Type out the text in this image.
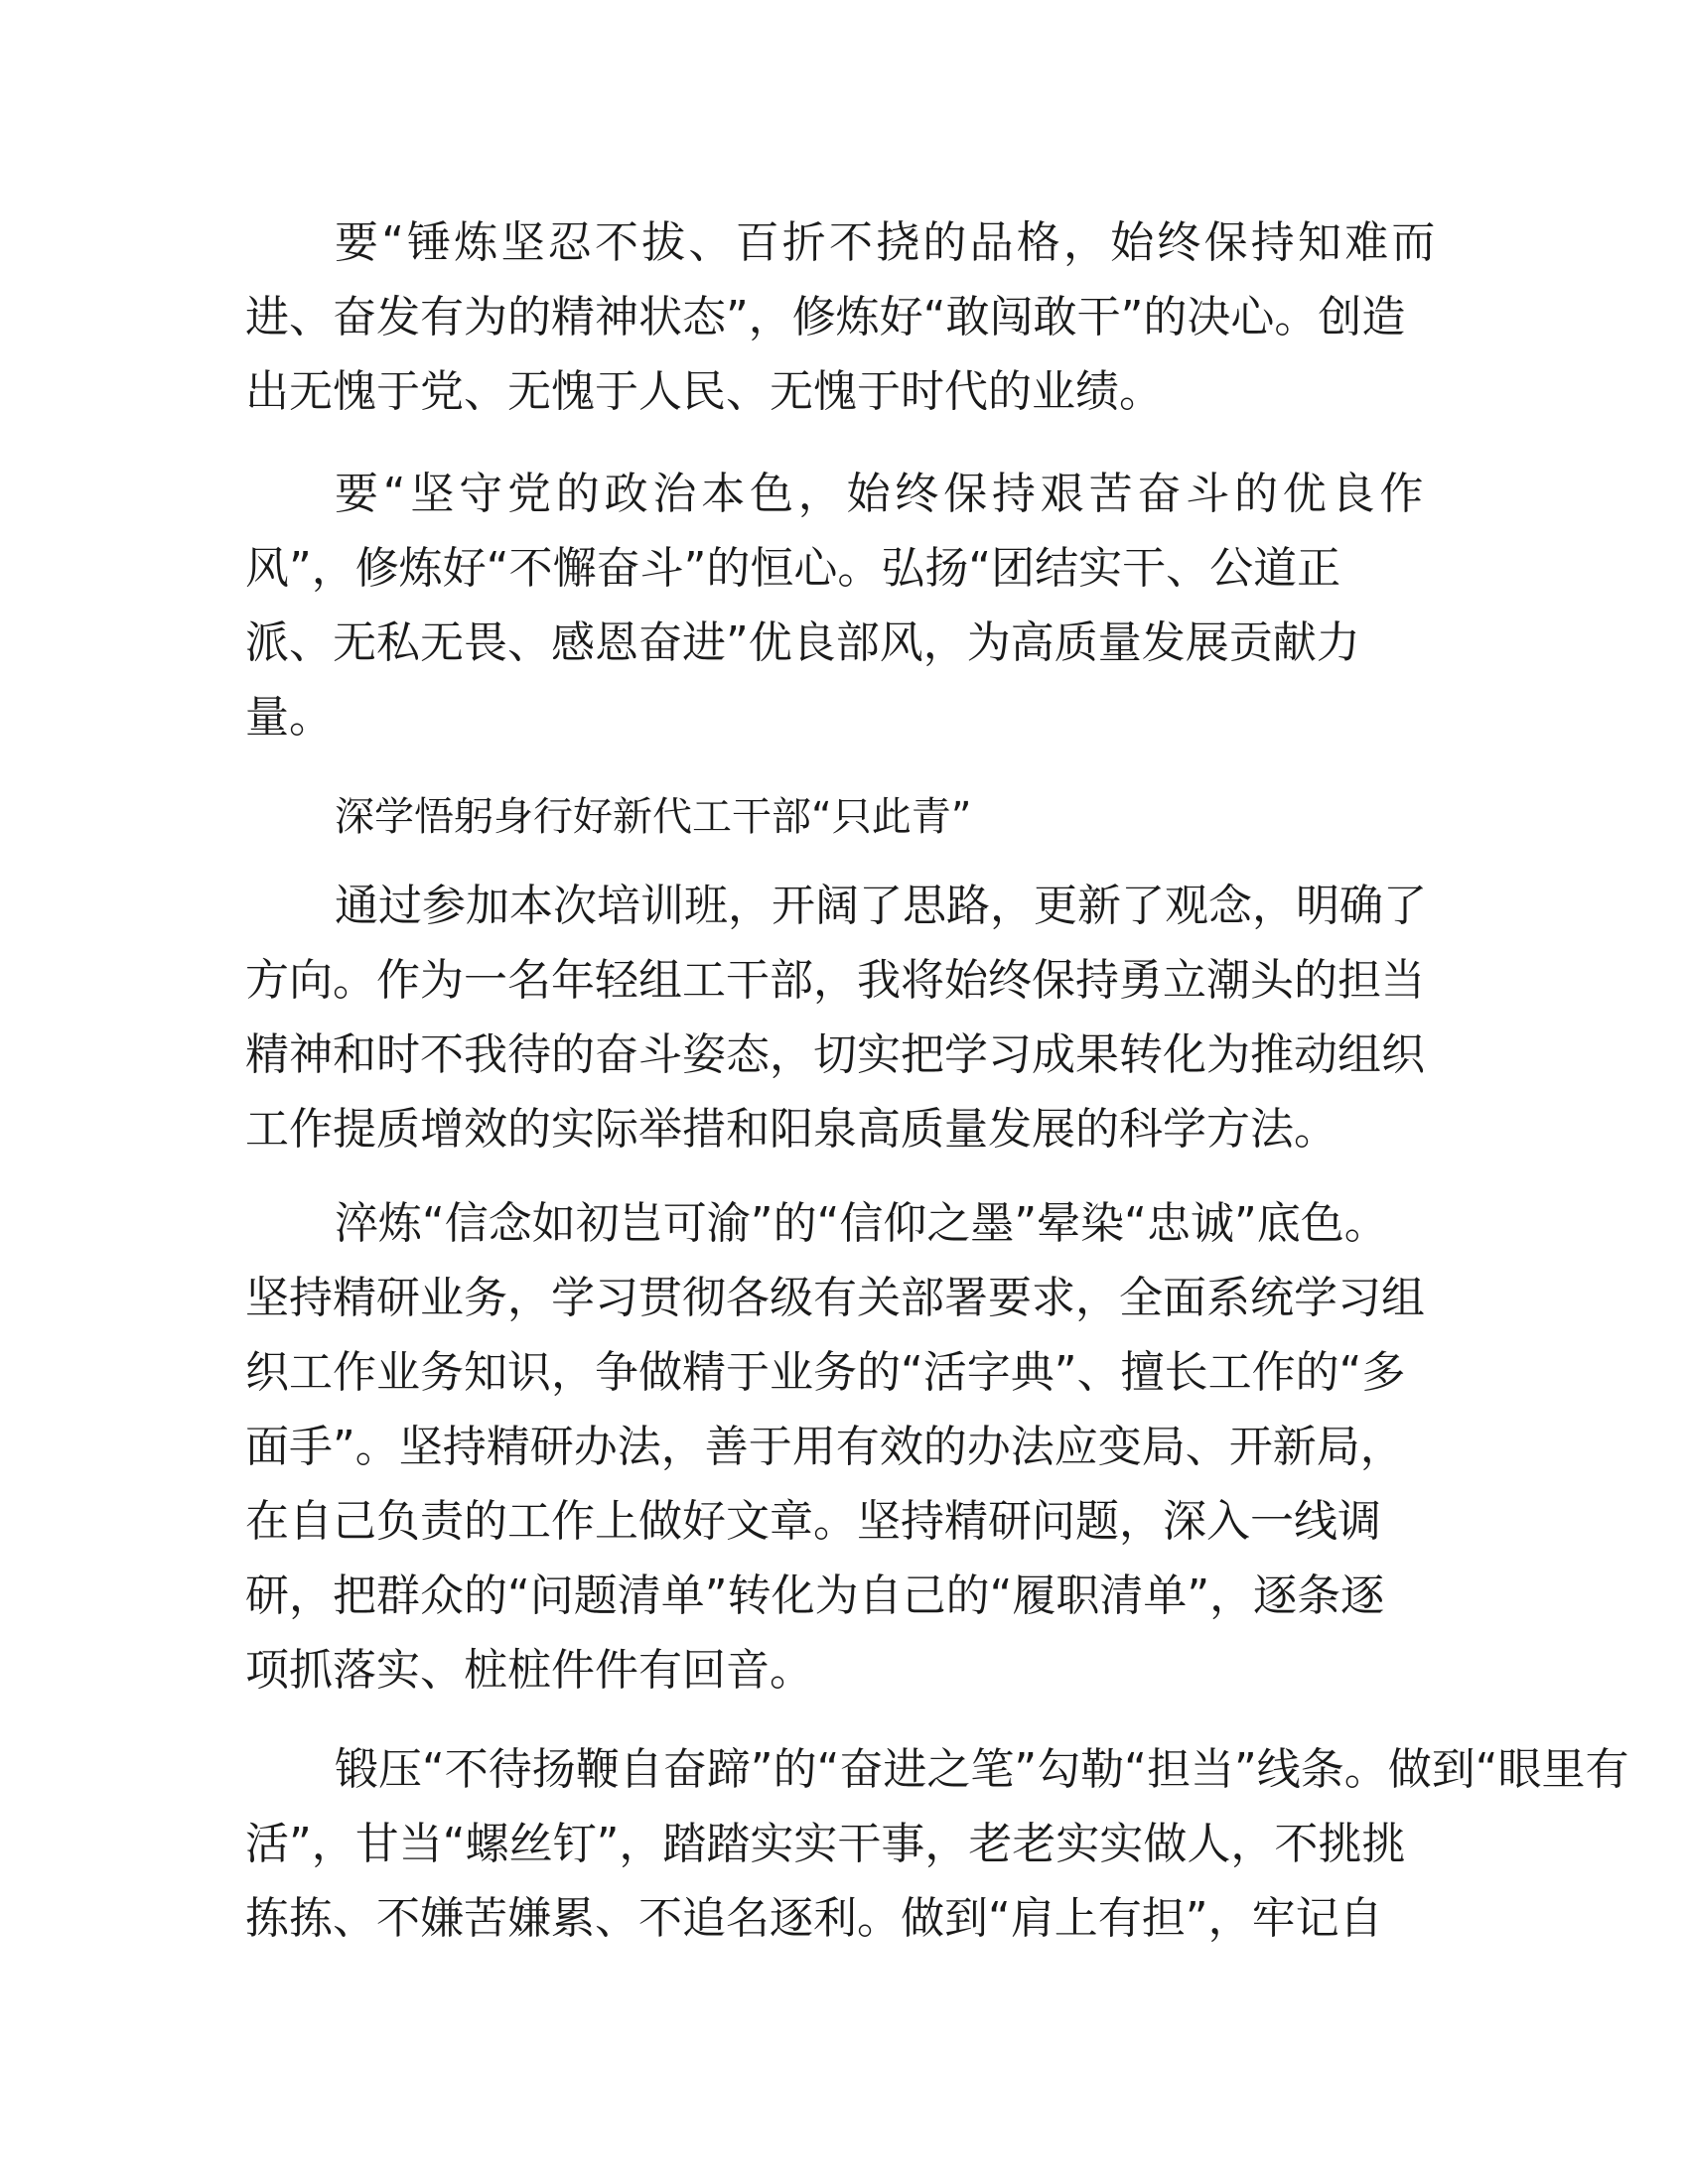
要“锤炼坚忍不拔、百折不挠的品格，始终保持知难而

进、奋发有为的精神状态”，修炼好“敢闯敢干”的决心。创造

出无愧于党、无愧于人民、无愧于时代的业绩。

要“坚守党的政治本色，始终保持艰苦奋斗的优良作

风”，修炼好“不懈奋斗”的恒心。弘扬“团结实干、公道正

派、无私无畏、感恩奋进”优良部风，为高质量发展贡献力

量。

深学悟躬身行好新代工干部“只此青”

通过参加本次培训班，开阔了思路，更新了观念，明确了

方向。作为一名年轻组工干部，我将始终保持勇立潮头的担当

精神和时不我待的奋斗姿态，切实把学习成果转化为推动组织

工作提质增效的实际举措和阳泉高质量发展的科学方法。

淬炼“信念如初岂可渝”的“信仰之墨”晕染“忠诚”底色。

坚持精研业务，学习贯彻各级有关部署要求，全面系统学习组

织工作业务知识，争做精于业务的“活字典”、擅长工作的“多

面手”。坚持精研办法，善于用有效的办法应变局、开新局，

在自己负责的工作上做好文章。坚持精研问题，深入一线调

研，把群众的“问题清单”转化为自己的“履职清单”，逐条逐

项抓落实、桩桩件件有回音。

锻压“不待扬鞭自奋蹄”的“奋进之笔”勾勒“担当”线条。做到“眼里有

活”，甘当“螺丝钉”，踏踏实实干事，老老实实做人，不挑挑

拣拣、不嫌苦嫌累、不追名逐利。做到“肩上有担”，牢记自
